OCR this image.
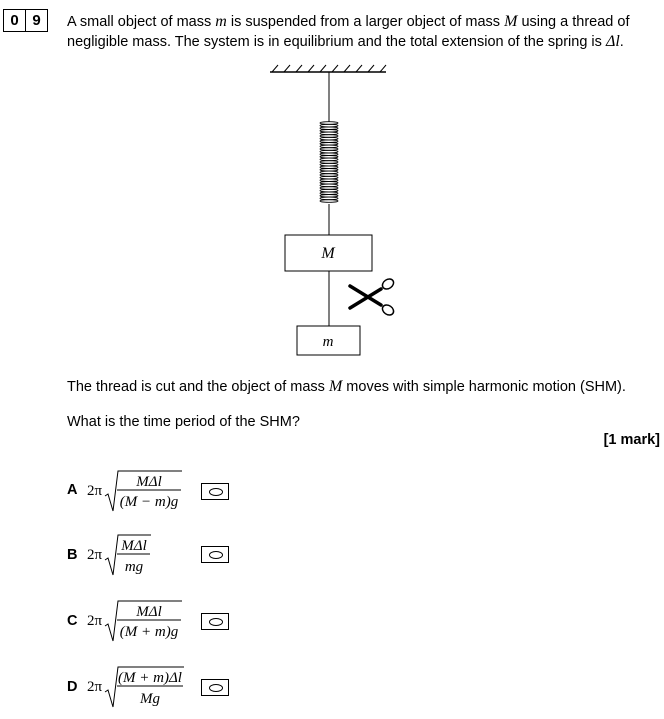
0 9	A small object of mass m is suspended from a larger object of mass M using a thread of negligible mass. The system is in equilibrium and the total extension of the spring is Δl.
M
m
The thread is cut and the object of mass M moves with simple harmonic motion (SHM).
What is the time period of the SHM?
[1 mark]
A 2π
MΔl
(M − m)g
B 2π
MΔl
mg
C 2π
MΔl
(M + m)g
D 2π
(M + m)Δl
Mg
